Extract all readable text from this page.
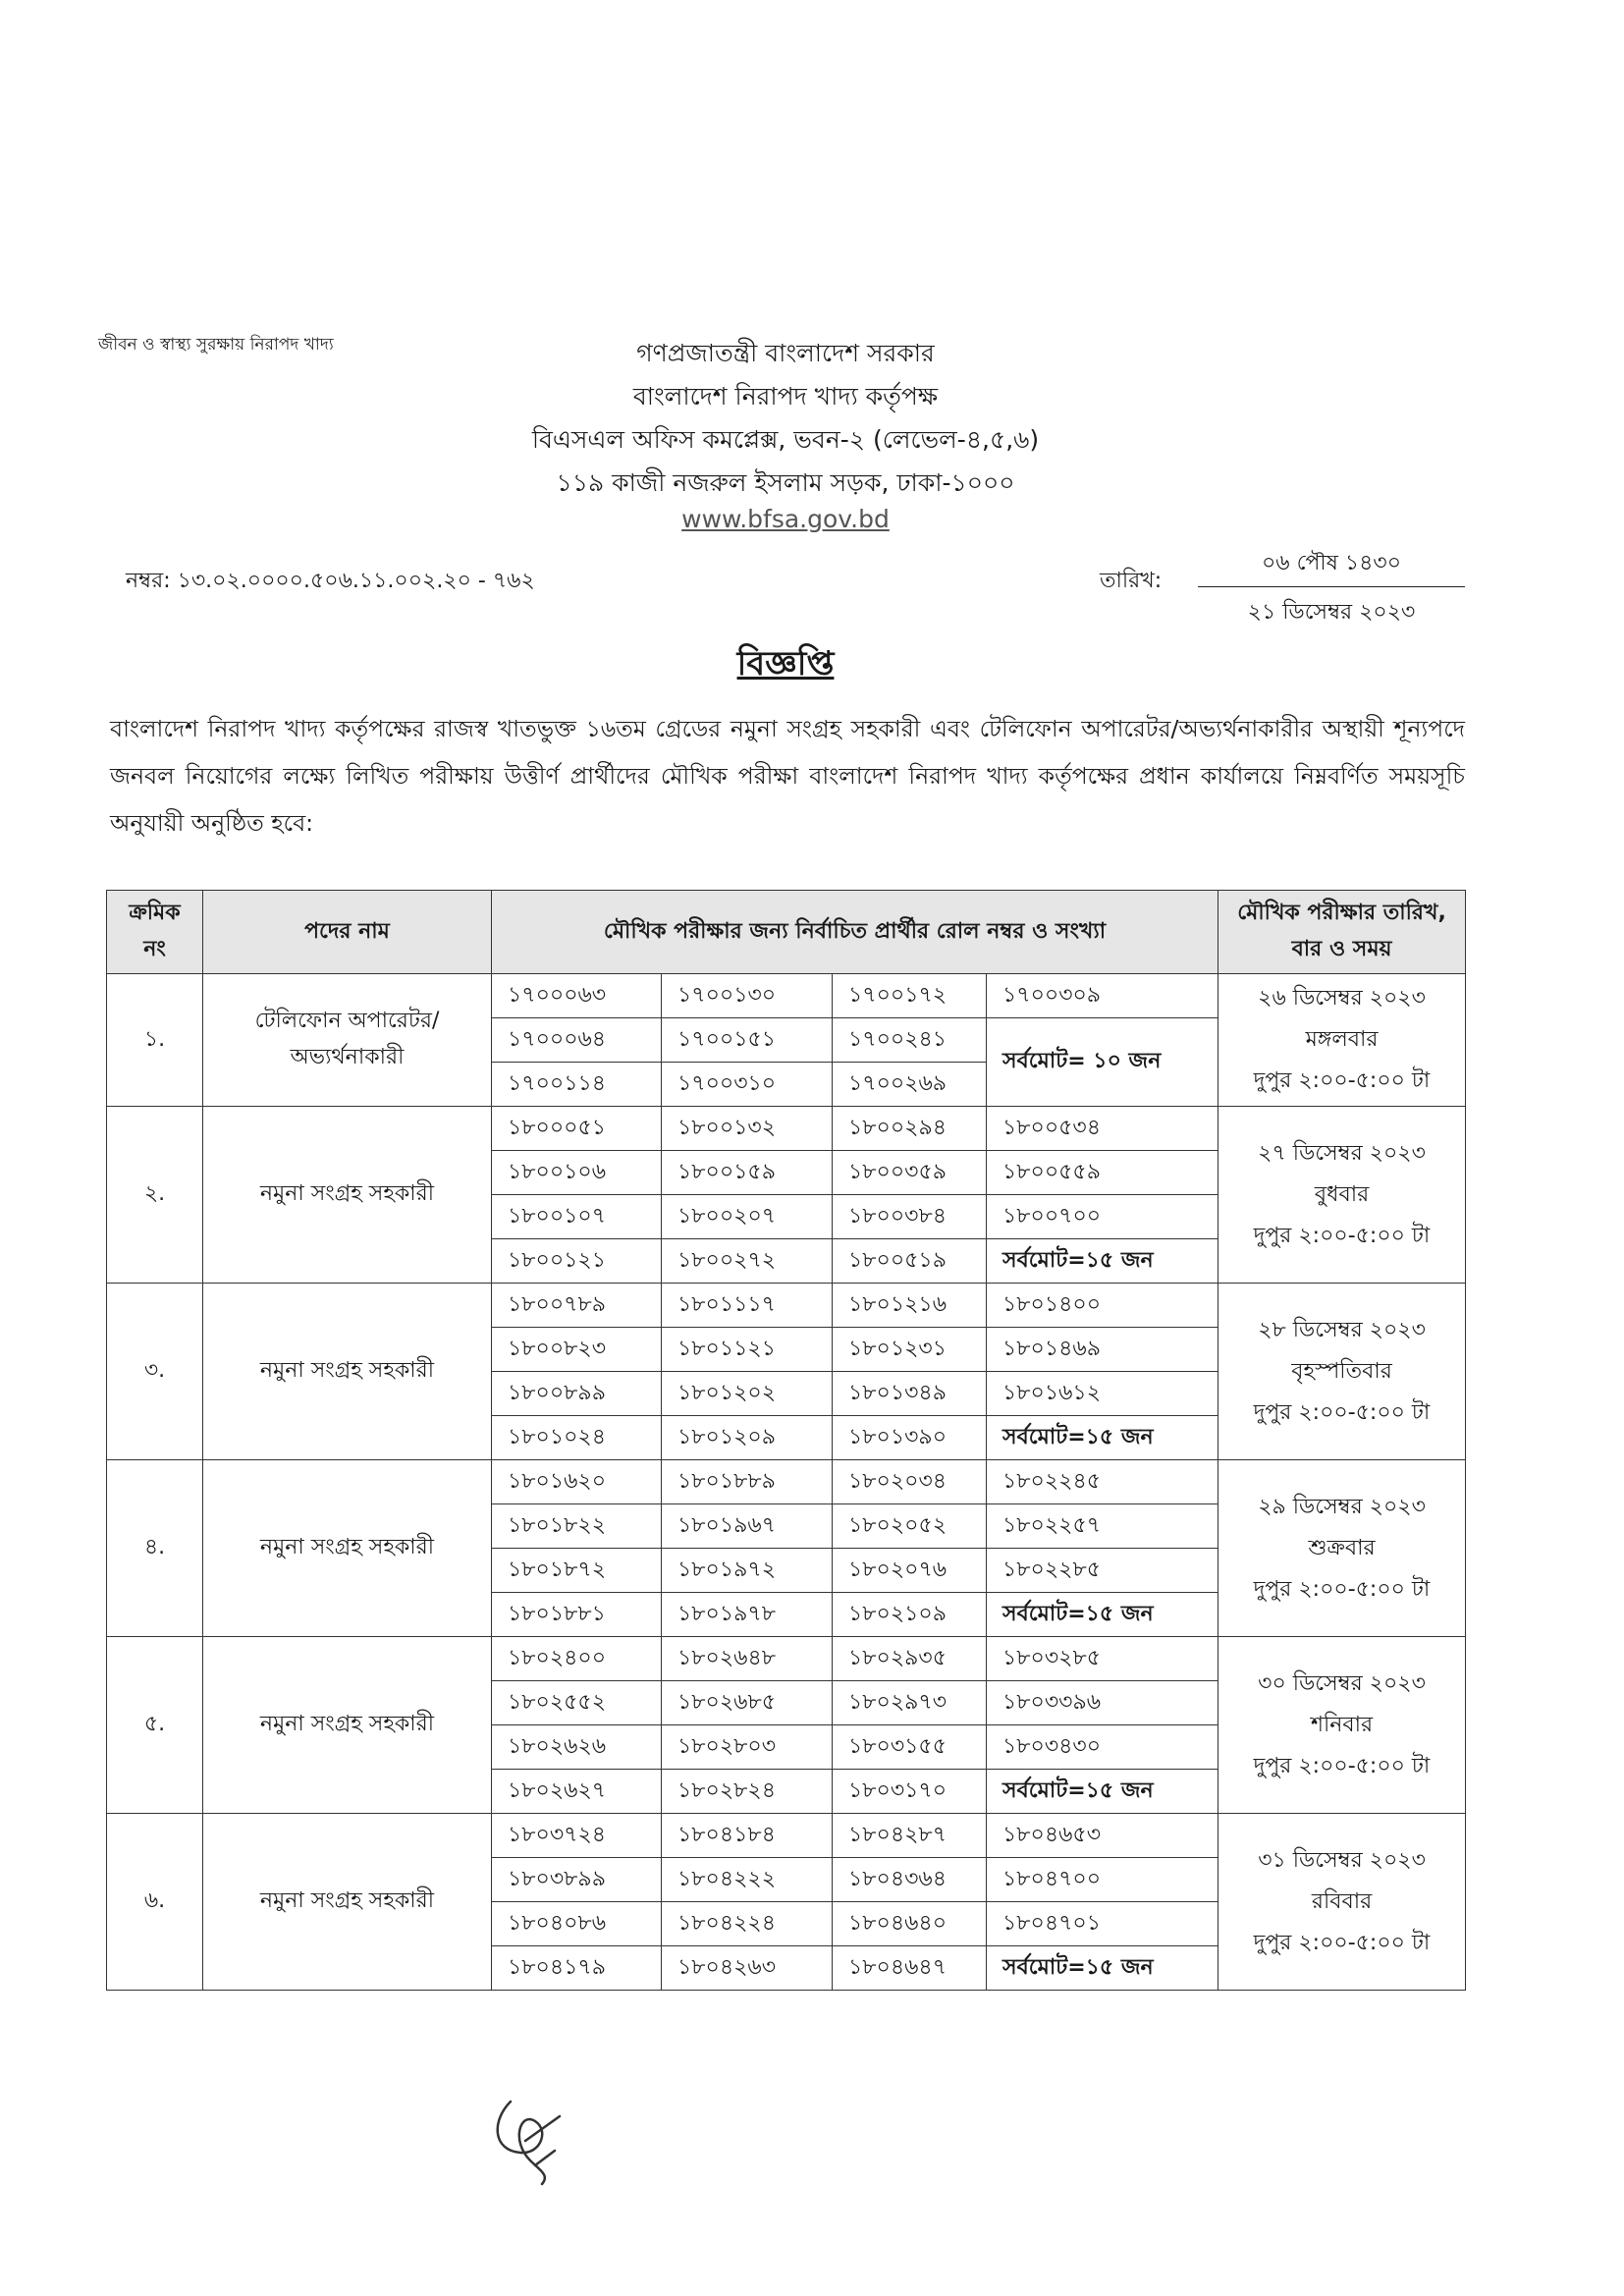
জীবন ও স্বাস্থ্য সুরক্ষায় নিরাপদ খাদ্য	গণপ্রজাতন্ত্রী বাংলাদেশ সরকার
বাংলাদেশ নিরাপদ খাদ্য কর্তৃপক্ষ
বিএসএল অফিস কমপ্লেক্স, ভবন-২ (লেভেল-৪,৫,৬)
১১৯ কাজী নজরুল ইসলাম সড়ক, ঢাকা-১০০০
www.bfsa.gov.bd
নম্বর: ১৩.০২.০০০০.৫০৬.১১.০০২.২০ - ৭৬২	তারিখ:
০৬ পৌষ ১৪৩০
২১ ডিসেম্বর ২০২৩
বিজ্ঞপ্তি
বাংলাদেশ নিরাপদ খাদ্য কর্তৃপক্ষের রাজস্ব খাতভুক্ত ১৬তম গ্রেডের নমুনা সংগ্রহ সহকারী এবং টেলিফোন অপারেটর/অভ্যর্থনাকারীর অস্থায়ী শূন্যপদে জনবল নিয়োগের লক্ষ্যে লিখিত পরীক্ষায় উত্তীর্ণ প্রার্থীদের মৌখিক পরীক্ষা বাংলাদেশ নিরাপদ খাদ্য কর্তৃপক্ষের প্রধান কার্যালয়ে নিম্নবর্ণিত সময়সূচি অনুযায়ী অনুষ্ঠিত হবে:
ক্রমিক নং	পদের নাম	মৌখিক পরীক্ষার জন্য নির্বাচিত প্রার্থীর রোল নম্বর ও সংখ্যা				মৌখিক পরীক্ষার তারিখ, বার ও সময়
১.	টেলিফোন অপারেটর/অভ্যর্থনাকারী	১৭০০০৬৩	১৭০০১৩০	১৭০০১৭২	১৭০০৩০৯	২৬ ডিসেম্বর ২০২৩
মঙ্গলবার
দুপুর ২:০০-৫:০০ টা

		১৭০০০৬৪	১৭০০১৫১	১৭০০২৪১	সর্বমোট= ১০ জন	
		১৭০০১১৪	১৭০০৩১০	১৭০০২৬৯		
২.	নমুনা সংগ্রহ সহকারী	১৮০০০৫১	১৮০০১৩২	১৮০০২৯৪	১৮০০৫৩৪	২৭ ডিসেম্বর ২০২৩
বুধবার
দুপুর ২:০০-৫:০০ টা

		১৮০০১০৬	১৮০০১৫৯	১৮০০৩৫৯	১৮০০৫৫৯	
		১৮০০১০৭	১৮০০২০৭	১৮০০৩৮৪	১৮০০৭০০	
		১৮০০১২১	১৮০০২৭২	১৮০০৫১৯	সর্বমোট=১৫ জন	
৩.	নমুনা সংগ্রহ সহকারী	১৮০০৭৮৯	১৮০১১১৭	১৮০১২১৬	১৮০১৪০০	২৮ ডিসেম্বর ২০২৩
বৃহস্পতিবার
দুপুর ২:০০-৫:০০ টা

		১৮০০৮২৩	১৮০১১২১	১৮০১২৩১	১৮০১৪৬৯	
		১৮০০৮৯৯	১৮০১২০২	১৮০১৩৪৯	১৮০১৬১২	
		১৮০১০২৪	১৮০১২০৯	১৮০১৩৯০	সর্বমোট=১৫ জন	
৪.	নমুনা সংগ্রহ সহকারী	১৮০১৬২০	১৮০১৮৮৯	১৮০২০৩৪	১৮০২২৪৫	২৯ ডিসেম্বর ২০২৩
শুক্রবার
দুপুর ২:০০-৫:০০ টা

		১৮০১৮২২	১৮০১৯৬৭	১৮০২০৫২	১৮০২২৫৭	
		১৮০১৮৭২	১৮০১৯৭২	১৮০২০৭৬	১৮০২২৮৫	
		১৮০১৮৮১	১৮০১৯৭৮	১৮০২১০৯	সর্বমোট=১৫ জন	
৫.	নমুনা সংগ্রহ সহকারী	১৮০২৪০০	১৮০২৬৪৮	১৮০২৯৩৫	১৮০৩২৮৫	৩০ ডিসেম্বর ২০২৩
শনিবার
দুপুর ২:০০-৫:০০ টা

		১৮০২৫৫২	১৮০২৬৮৫	১৮০২৯৭৩	১৮০৩৩৯৬	
		১৮০২৬২৬	১৮০২৮০৩	১৮০৩১৫৫	১৮০৩৪৩০	
		১৮০২৬২৭	১৮০২৮২৪	১৮০৩১৭০	সর্বমোট=১৫ জন	
৬.	নমুনা সংগ্রহ সহকারী	১৮০৩৭২৪	১৮০৪১৮৪	১৮০৪২৮৭	১৮০৪৬৫৩	৩১ ডিসেম্বর ২০২৩
রবিবার
দুপুর ২:০০-৫:০০ টা

		১৮০৩৮৯৯	১৮০৪২২২	১৮০৪৩৬৪	১৮০৪৭০০	
		১৮০৪০৮৬	১৮০৪২২৪	১৮০৪৬৪০	১৮০৪৭০১	
		১৮০৪১৭৯	১৮০৪২৬৩	১৮০৪৬৪৭	সর্বমোট=১৫ জন	
